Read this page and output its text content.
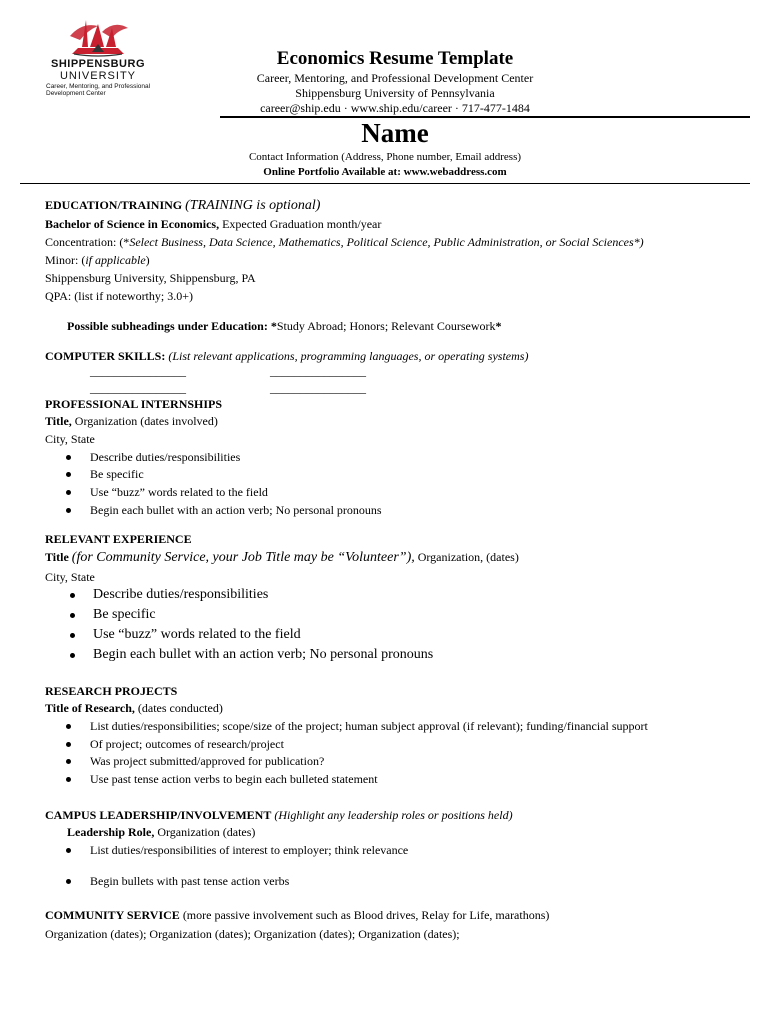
SHIPPENSBURG
UNIVERSITY
Career, Mentoring, and Professional Development Center
Economics Resume Template
Career, Mentoring, and Professional Development Center
Shippensburg University of Pennsylvania
career@ship.edu · www.ship.edu/career · 717-477-1484
Name
Contact Information (Address, Phone number, Email address)
Online Portfolio Available at: www.webaddress.com
EDUCATION/TRAINING (TRAINING is optional)
Bachelor of Science in Economics, Expected Graduation month/year
Concentration: (*Select Business, Data Science, Mathematics, Political Science, Public Administration, or Social Sciences*)
Minor: (if applicable)
Shippensburg University, Shippensburg, PA
QPA: (list if noteworthy; 3.0+)
Possible subheadings under Education: *Study Abroad; Honors; Relevant Coursework*
COMPUTER SKILLS: (List relevant applications, programming languages, or operating systems)
________________	________________
________________	________________
PROFESSIONAL INTERNSHIPS
Title, Organization (dates involved)
City, State
Describe duties/responsibilities
Be specific
Use “buzz” words related to the field
Begin each bullet with an action verb; No personal pronouns
RELEVANT EXPERIENCE
Title (for Community Service, your Job Title may be “Volunteer”), Organization, (dates)
City, State
Describe duties/responsibilities
Be specific
Use “buzz” words related to the field
Begin each bullet with an action verb; No personal pronouns
RESEARCH PROJECTS
Title of Research, (dates conducted)
List duties/responsibilities; scope/size of the project; human subject approval (if relevant); funding/financial support
Of project; outcomes of research/project
Was project submitted/approved for publication?
Use past tense action verbs to begin each bulleted statement
CAMPUS LEADERSHIP/INVOLVEMENT (Highlight any leadership roles or positions held)
Leadership Role, Organization (dates)
List duties/responsibilities of interest to employer; think relevance
Begin bullets with past tense action verbs
COMMUNITY SERVICE (more passive involvement such as Blood drives, Relay for Life, marathons)
Organization (dates); Organization (dates); Organization (dates); Organization (dates);
